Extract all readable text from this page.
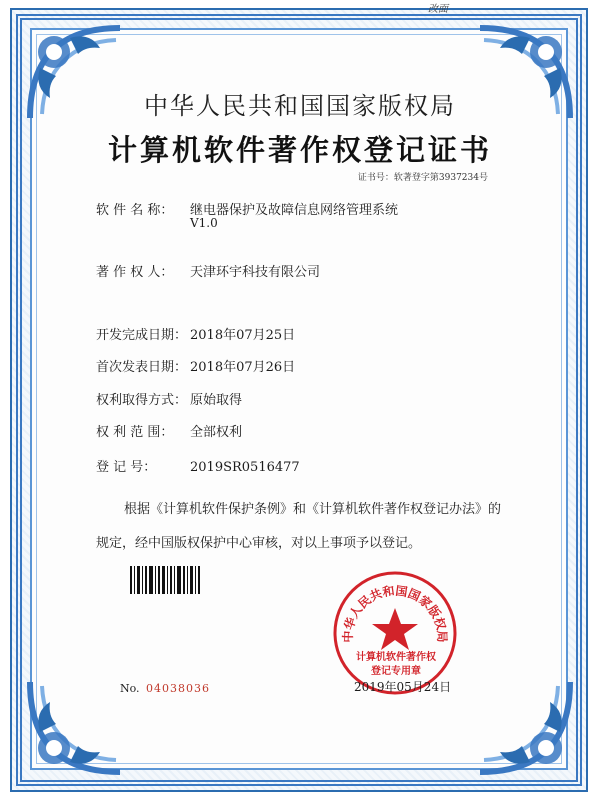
改面
中华人民共和国国家版权局
计算机软件著作权登记证书
证书号：软著登字第3937234号
软 件 名 称： 继电器保护及故障信息网络管理系统
V1.0
著 作 权 人： 天津环宇科技有限公司
开发完成日期： 2018年07月25日
首次发表日期： 2018年07月26日
权利取得方式： 原始取得
权 利 范 围： 全部权利
登 记 号：	2019SR0516477
根据《计算机软件保护条例》和《计算机软件著作权登记办法》的
规定，经中国版权保护中心审核，对以上事项予以登记。
中华人民共和国国家版权局
计算机软件著作权
登记专用章
No. 04038036	2019年05月24日
